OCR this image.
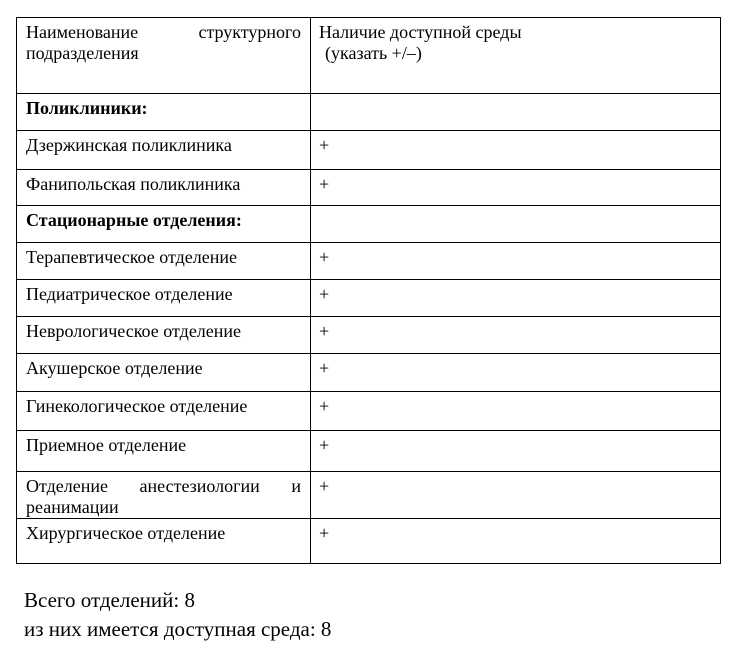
Наименование структурного
подразделения	Наличие доступной среды
(указать +/–)

Поликлиники:	
Дзержинская поликлиника	+
Фанипольская поликлиника	+
Стационарные отделения:	
Терапевтическое отделение	+
Педиатрическое отделение	+
Неврологическое отделение	+
Акушерское отделение	+
Гинекологическое отделение	+
Приемное отделение	+

Отделение анестезиологии и
реанимации	+
Хирургическое отделение	+
Всего отделений: 8
из них имеется доступная среда: 8
